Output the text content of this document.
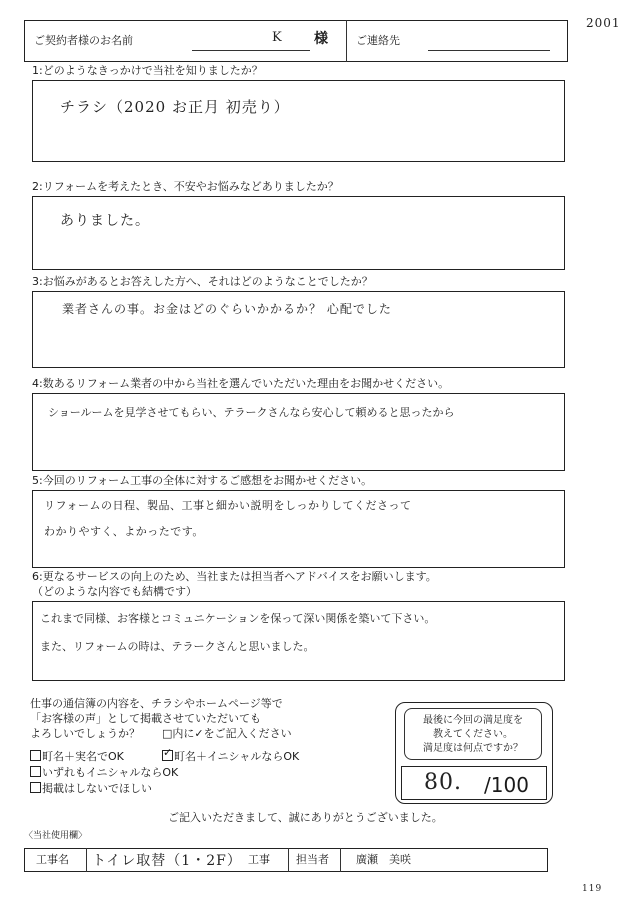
ご契約者様のお名前	K 様	ご連絡先
2001
1:どのようなきっかけで当社を知りましたか？
チラシ（2020 お正月 初売り）
2:リフォームを考えたとき、不安やお悩みなどありましたか？
ありました。
3:お悩みがあるとお答えした方へ、それはどのようなことでしたか？
業者さんの事。お金はどのぐらいかかるか？ 心配でした
4:数あるリフォーム業者の中から当社を選んでいただいた理由をお聞かせください。
ショールームを見学させてもらい、テラークさんなら安心して頼めると思ったから
5:今回のリフォーム工事の全体に対するご感想をお聞かせください。
リフォームの日程、製品、工事と細かい説明をしっかりしてくださって
わかりやすく、よかったです。
6:更なるサービスの向上のため、当社または担当者へアドバイスをお願いします。
（どのような内容でも結構です）
これまで同様、お客様とコミュニケーションを保って深い関係を築いて下さい。
また、リフォームの時は、テラークさんと思いました。
仕事の通信簿の内容を、チラシやホームページ等で
「お客様の声」として掲載させていただいても
よろしいでしょうか？ □内に✓をご記入ください
町名＋実名でOK
✓	町名＋イニシャルならOK
いずれもイニシャルならOK
掲載はしないでほしい
最後に今回の満足度を
教えてください。
満足度は何点ですか？
80. /100
ご記入いただきまして、誠にありがとうございました。
〈当社使用欄〉
工事名 トイレ取替（1・2F） 工事 担当者 廣瀬　美咲
119
